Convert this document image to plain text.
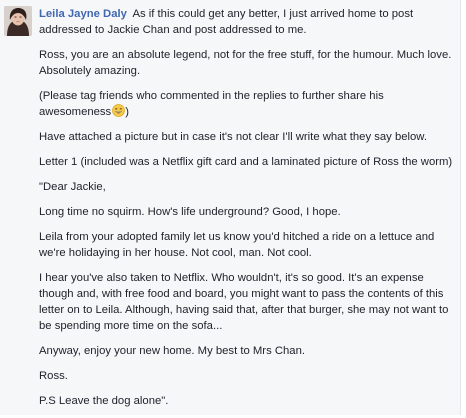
Leila Jayne Daly As if this could get any better, I just arrived home to post addressed to Jackie Chan and post addressed to me.

Ross, you are an absolute legend, not for the free stuff, for the humour. Much love. Absolutely amazing.

(Please tag friends who commented in the replies to further share his awesomeness )

Have attached a picture but in case it's not clear I'll write what they say below.

Letter 1 (included was a Netflix gift card and a laminated picture of Ross the worm)

"Dear Jackie,

Long time no squirm. How's life underground? Good, I hope.

Leila from your adopted family let us know you'd hitched a ride on a lettuce and we're holidaying in her house. Not cool, man. Not cool.

I hear you've also taken to Netflix. Who wouldn't, it's so good. It's an expense though and, with free food and board, you might want to pass the contents of this letter on to Leila. Although, having said that, after that burger, she may not want to be spending more time on the sofa...

Anyway, enjoy your new home. My best to Mrs Chan.

Ross.

P.S Leave the dog alone".
